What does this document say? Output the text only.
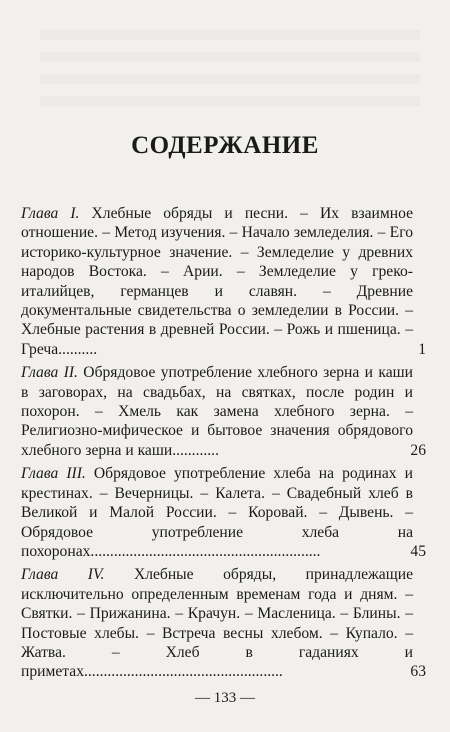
СОДЕРЖАНИЕ
Глава I. Хлебные обряды и песни. – Их взаимное отношение. – Метод изучения. – Начало земледелия. – Его историко-культурное значение. – Земледелие у древних народов Востока. – Арии. – Земледелие у греко-италийцев, германцев и славян. – Древние документальные свидетельства о земледелии в России. – Хлебные растения в древней России. – Рожь и пшеница. – Греча..........	1
Глава II. Обрядовое употребление хлебного зерна и каши в заговорах, на свадьбах, на святках, после родин и похорон. – Хмель как замена хлебного зерна. – Религиозно-мифическое и бытовое значения обрядового хлебного зерна и каши............	26
Глава III. Обрядовое употребление хлеба на родинах и крестинах. – Вечерницы. – Калета. – Свадебный хлеб в Великой и Малой России. – Коровай. – Дывень. – Обрядовое употребление хлеба на похоронах...........................................................	45
Глава IV. Хлебные обряды, принадлежащие исключительно определенным временам года и дням. – Святки. – Прижанина. – Крачун. – Масленица. – Блины. – Постовые хлебы. – Встреча весны хлебом. – Купало. – Жатва. – Хлеб в гаданиях и приметах...................................................	63
— 133 —
